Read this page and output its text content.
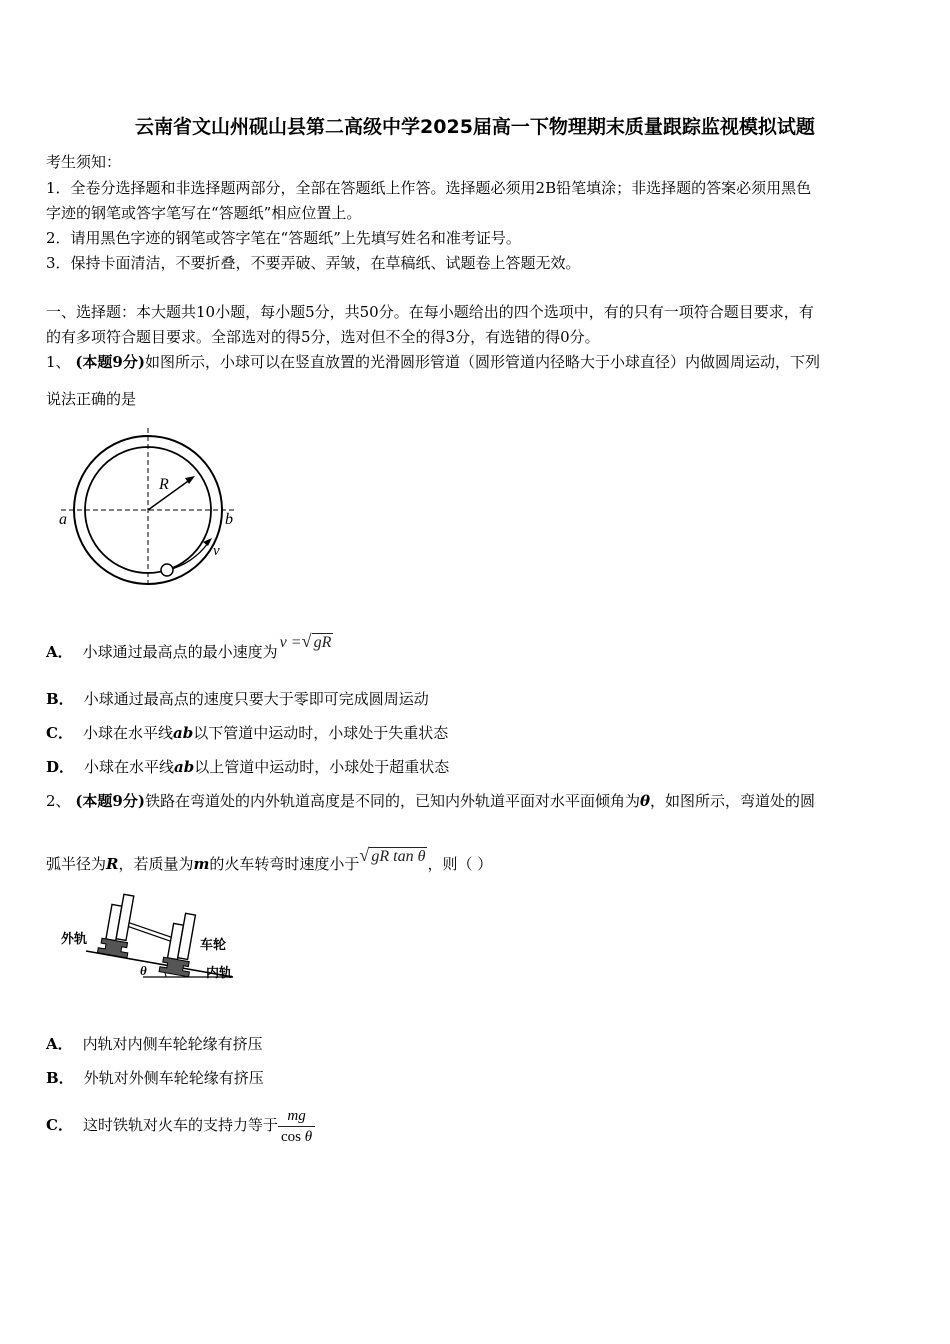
云南省文山州砚山县第二高级中学2025届高一下物理期末质量跟踪监视模拟试题
考生须知：
1．全卷分选择题和非选择题两部分，全部在答题纸上作答。选择题必须用2B铅笔填涂；非选择题的答案必须用黑色
字迹的钢笔或答字笔写在“答题纸”相应位置上。
2．请用黑色字迹的钢笔或答字笔在“答题纸”上先填写姓名和准考证号。
3．保持卡面清洁，不要折叠，不要弄破、弄皱，在草稿纸、试题卷上答题无效。
一、选择题：本大题共10小题，每小题5分，共50分。在每小题给出的四个选项中，有的只有一项符合题目要求，有
的有多项符合题目要求。全部选对的得5分，选对但不全的得3分，有选错的得0分。
1、 (本题9分)如图所示，小球可以在竖直放置的光滑圆形管道（圆形管道内径略大于小球直径）内做圆周运动，下列
说法正确的是
R
a	b
v
A． 小球通过最高点的最小速度为v = √ gR
B． 小球通过最高点的速度只要大于零即可完成圆周运动
C． 小球在水平线ab以下管道中运动时，小球处于失重状态
D． 小球在水平线ab以上管道中运动时，小球处于超重状态
2、 (本题9分)铁路在弯道处的内外轨道高度是不同的，已知内外轨道平面对水平面倾角为θ，如图所示，弯道处的圆
弧半径为R，若质量为m的火车转弯时速度小于 √ gR tan θ ，则（ ）
外轨	车轮
内轨
θ
A． 内轨对内侧车轮轮缘有挤压
B． 外轨对外侧车轮轮缘有挤压
C． 这时铁轨对火车的支持力等于 $\frac{mg}{\text{cos θ}}$
